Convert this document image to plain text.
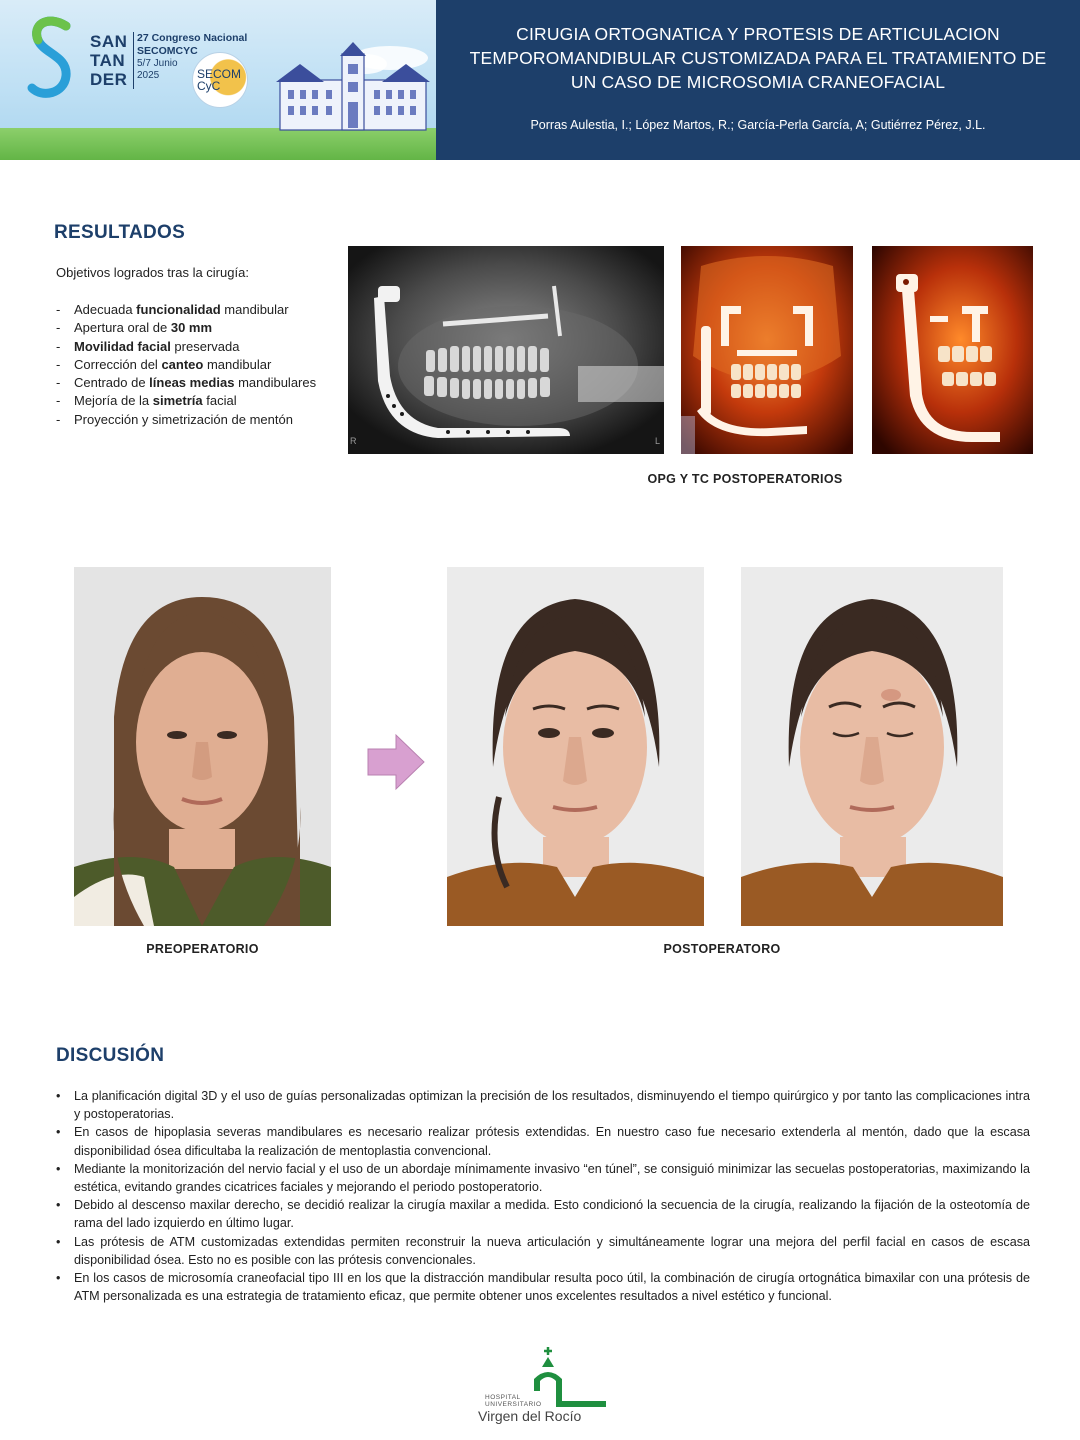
SAN
TAN
DER
27 Congreso Nacional
SECOMCYC
5/7 Junio
2025	SECOM
CyC
CIRUGIA ORTOGNATICA Y PROTESIS DE ARTICULACION TEMPOROMANDIBULAR CUSTOMIZADA PARA EL TRATAMIENTO DE UN CASO DE MICROSOMIA CRANEOFACIAL
Porras Aulestia, I.; López Martos, R.; García-Perla García, A; Gutiérrez Pérez, J.L.
RESULTADOS
Objetivos logrados tras la cirugía:
- Adecuada funcionalidad mandibular
- Apertura oral de 30 mm
- Movilidad facial preservada
- Corrección del canteo mandibular
- Centrado de líneas medias mandibulares
- Mejoría de la simetría facial
- Proyección y simetrización de mentón
R	L
OPG Y TC POSTOPERATORIOS
PREOPERATORIO	POSTOPERATORO
DISCUSIÓN
• La planificación digital 3D y el uso de guías personalizadas optimizan la precisión de los resultados, disminuyendo el tiempo quirúrgico y por tanto las complicaciones intra y postoperatorias.
• En casos de hipoplasia severas mandibulares es necesario realizar prótesis extendidas. En nuestro caso fue necesario extenderla al mentón, dado que la escasa disponibilidad ósea dificultaba la realización de mentoplastia convencional.
• Mediante la monitorización del nervio facial y el uso de un abordaje mínimamente invasivo “en túnel”, se consiguió minimizar las secuelas postoperatorias, maximizando la estética, evitando grandes cicatrices faciales y mejorando el periodo postoperatorio.
• Debido al descenso maxilar derecho, se decidió realizar la cirugía maxilar a medida. Esto condicionó la secuencia de la cirugía, realizando la fijación de la osteotomía de rama del lado izquierdo en último lugar.
• Las prótesis de ATM customizadas extendidas permiten reconstruir la nueva articulación y simultáneamente lograr una mejora del perfil facial en casos de escasa disponibilidad ósea. Esto no es posible con las prótesis convencionales.
• En los casos de microsomía craneofacial tipo III en los que la distracción mandibular resulta poco útil, la combinación de cirugía ortognática bimaxilar con una prótesis de ATM personalizada es una estrategia de tratamiento eficaz, que permite obtener unos excelentes resultados a nivel estético y funcional.
HOSPITAL
UNIVERSITARIO
Virgen del Rocío
